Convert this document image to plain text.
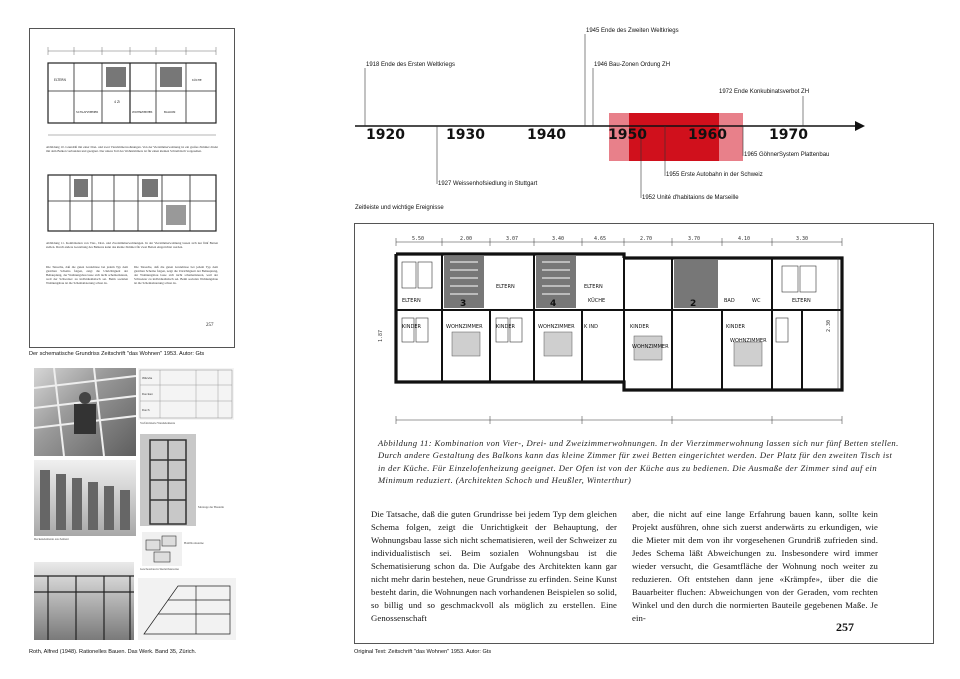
1920	1930	1940	1950	1960	1970
1918 Ende des Ersten Weltkriegs
1945 Ende des Zweiten Weltkriegs
1946 Bau-Zonen Ordung ZH
1972 Ende Konkubinatsverbot ZH
1927 Weissenhofsiedlung in Stuttgart
1955 Erste Autobahn in der Schweiz
1952 Unité d'habitaions de Marseille
1965 GöhnerSystem Plattenbau
Zeitleiste und wichtige Ereignisse
ELTERN
4 Zi
SCHLAFZIMMER	WOHNZIMMER	BALKON
KÜCHE
Abbildung 10. Grundriß mit einer Drei- und zwei Vierzimmerwohnungen. Von der Vierzimmerwohnung ist ein großes Zimmer direkt mit dem Balkon verbunden und geeignet. Der untere Teil des Wohnzimmers ist für einen kleinen Schreibtisch vorgesehen.
Abbildung 11. Kombination von Vier-, Drei- und Zweizimmerwohnungen. In der Vierzimmerwohnung lassen sich nur fünf Betten stellen. Durch andere Gestaltung des Balkons kann das kleine Zimmer für zwei Betten eingerichtet werden.
Die Tatsache, daß die guten Grundrisse bei jedem Typ dem gleichen Schema folgen, zeigt die Unrichtigkeit der Behauptung, der Wohnungsbau lasse sich nicht schematisieren, weil der Schweizer zu individualistisch sei. Beim sozialen Wohnungsbau ist die Schematisierung schon da.
Die Tatsache, daß die guten Grundrisse bei jedem Typ dem gleichen Schema folgen, zeigt die Unrichtigkeit der Behauptung, der Wohnungsbau lasse sich nicht schematisieren, weil der Schweizer zu individualistisch sei. Beim sozialen Wohnungsbau ist die Schematisierung schon da.
257
Der schematische Grundriss Zeitschrift "das Wohnen" 1953. Autor: Gts
Wände
Decken
Dach
Vorfabrizierte Wandelemente
Deckenelemente aus Zement
Montage der Bauteile
Hohlblocksteine
Geschossbau in Skelettbauweise
Roth, Alfred (1948). Rationelles Bauen. Das Werk. Band 35, Zürich.
5.50	2.00	3.07	3.40	4.65	2.70	3.70	4.10	3.30
ELTERN
ELTERN	ELTERN
ELTERN
KINDER	KINDER	KINDER
KINDER
WOHNZIMMER	WOHNZIMMER
WOHNZIMMER
WOHNZIMMER
K IND
KÜCHE	BAD	WC
3	4	2
2.30
1.87
Abbildung 11: Kombination von Vier-, Drei- und Zweizimmerwohnungen. In der Vierzimmerwohnung lassen sich nur fünf Betten stellen. Durch andere Gestaltung des Balkons kann das kleine Zimmer für zwei Betten eingerichtet werden. Der Platz für den zweiten Tisch ist in der Küche. Für Einzelofenheizung geeignet. Der Ofen ist von der Küche aus zu bedienen. Die Ausmaße der Zimmer sind auf ein Minimum reduziert. (Architekten Schoch und Heußler, Winterthur)
Die Tatsache, daß die guten Grundrisse bei jedem Typ dem gleichen Schema folgen, zeigt die Unrichtigkeit der Behauptung, der Wohnungsbau lasse sich nicht schematisieren, weil der Schweizer zu individualistisch sei. Beim sozialen Wohnungsbau ist die Schematisierung schon da. Die Aufgabe des Architekten kann gar nicht mehr darin bestehen, neue Grundrisse zu erfinden. Seine Kunst besteht darin, die Wohnungen nach vorhandenen Beispielen so solid, so billig und so geschmackvoll als möglich zu erstellen. Eine Genossenschaft
aber, die nicht auf eine lange Erfahrung bauen kann, sollte kein Projekt ausführen, ohne sich zuerst anderwärts zu erkundigen, wie die Mieter mit dem von ihr vorgesehenen Grundriß zufrieden sind. Jedes Schema läßt Abweichungen zu. Insbesondere wird immer wieder versucht, die Gesamtfläche der Wohnung noch weiter zu reduzieren. Oft entstehen dann jene «Krämpfe», über die die Bauarbeiter fluchen: Abweichungen von der Geraden, vom rechten Winkel und den durch die normierten Bauteile gegebenen Maße. Je ein-
257
Original Text: Zeitschrift "das Wohnen" 1953. Autor: Gts
